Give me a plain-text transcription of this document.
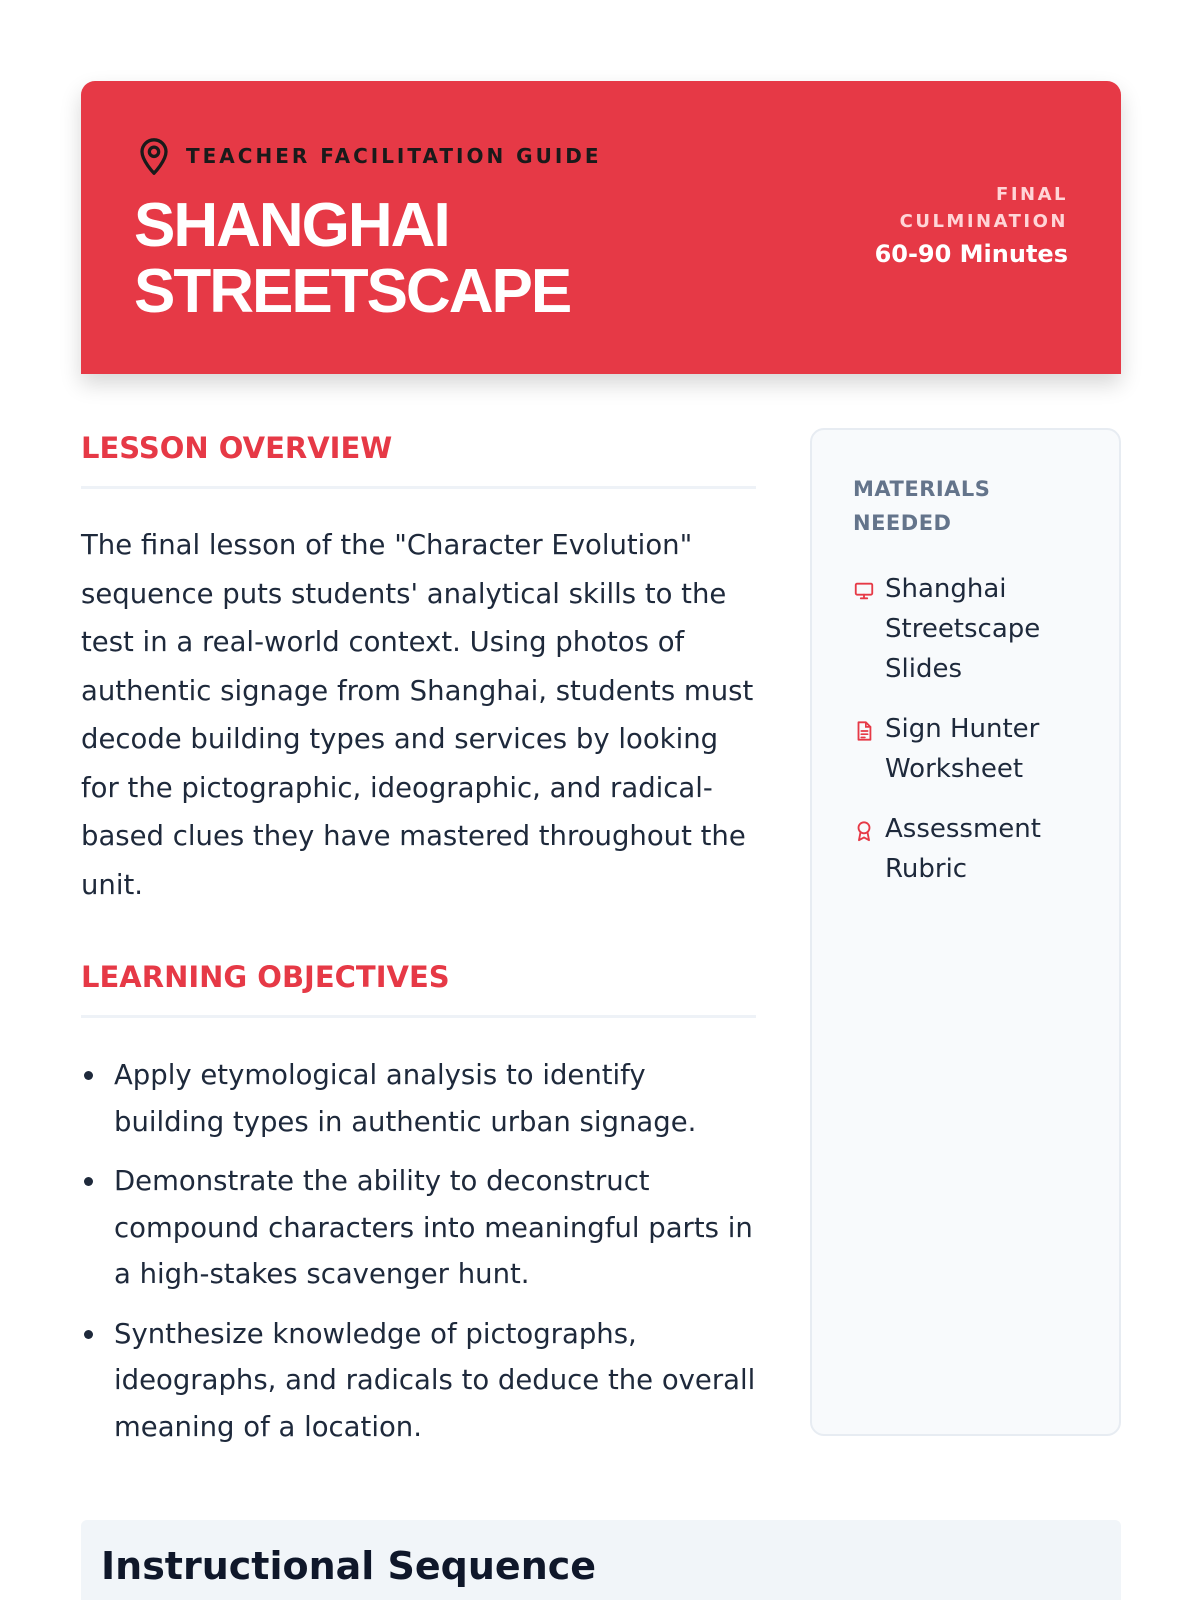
TEACHER FACILITATION GUIDE
SHANGHAI STREETSCAPE
FINAL CULMINATION
60-90 Minutes
LESSON OVERVIEW

The final lesson of the "Character Evolution" sequence puts students' analytical skills to the test in a real-world context. Using photos of authentic signage from Shanghai, students must decode building types and services by looking for the pictographic, ideographic, and radical-based clues they have mastered throughout the unit.

LEARNING OBJECTIVES
Apply etymological analysis to identify building types in authentic urban signage.
Demonstrate the ability to deconstruct compound characters into meaningful parts in a high-stakes scavenger hunt.
Synthesize knowledge of pictographs, ideographs, and radicals to deduce the overall meaning of a location.
MATERIALS NEEDED
Shanghai Streetscape Slides
Sign Hunter Worksheet
Assessment Rubric
Instructional Sequence
